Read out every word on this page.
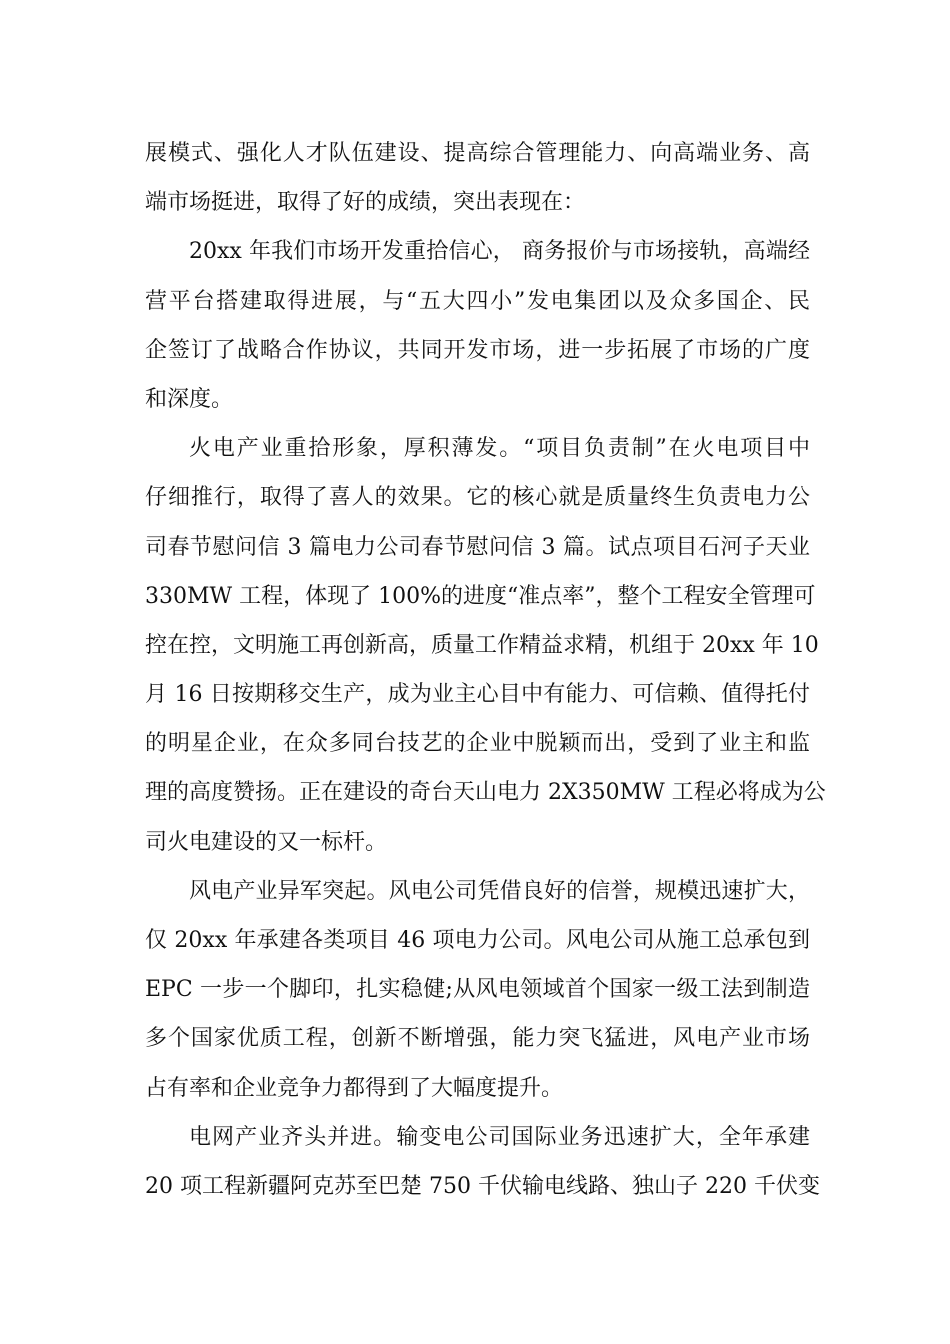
展模式、强化人才队伍建设、提高综合管理能力、向高端业务、高
端市场挺进，取得了好的成绩，突出表现在：
20xx 年我们市场开发重拾信心， 商务报价与市场接轨，高端经
营平台搭建取得进展，与“五大四小”发电集团以及众多国企、民
企签订了战略合作协议，共同开发市场，进一步拓展了市场的广度
和深度。
火电产业重拾形象，厚积薄发。“项目负责制”在火电项目中
仔细推行，取得了喜人的效果。它的核心就是质量终生负责电力公
司春节慰问信 3 篇电力公司春节慰问信 3 篇。试点项目石河子天业
330MW 工程，体现了 100%的进度“准点率”，整个工程安全管理可
控在控，文明施工再创新高，质量工作精益求精，机组于 20xx 年 10
月 16 日按期移交生产，成为业主心目中有能力、可信赖、值得托付
的明星企业，在众多同台技艺的企业中脱颖而出，受到了业主和监
理的高度赞扬。正在建设的奇台天山电力 2X350MW 工程必将成为公
司火电建设的又一标杆。
风电产业异军突起。风电公司凭借良好的信誉，规模迅速扩大，
仅 20xx 年承建各类项目 46 项电力公司。风电公司从施工总承包到
EPC 一步一个脚印，扎实稳健;从风电领域首个国家一级工法到制造
多个国家优质工程，创新不断增强，能力突飞猛进，风电产业市场
占有率和企业竞争力都得到了大幅度提升。
电网产业齐头并进。输变电公司国际业务迅速扩大，全年承建
20 项工程新疆阿克苏至巴楚 750 千伏输电线路、独山子 220 千伏变
